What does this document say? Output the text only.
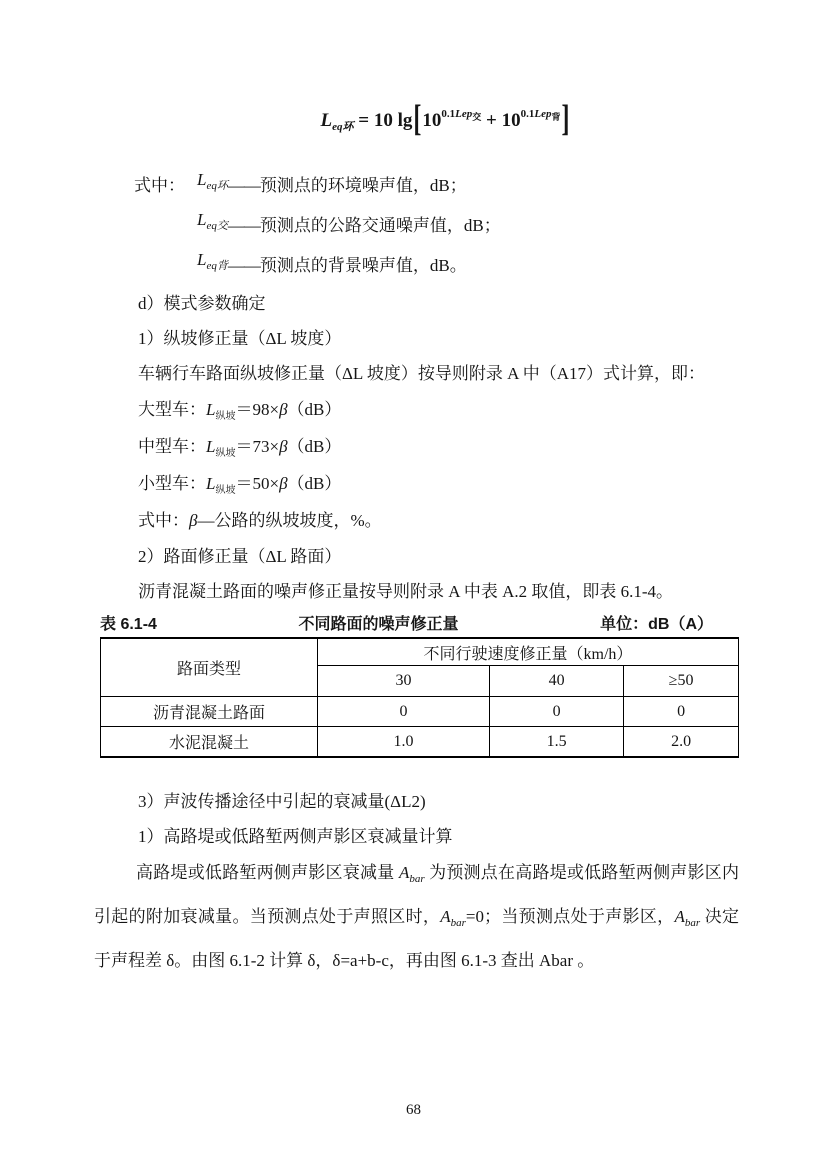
$L_{eq环} = 10$ $\lg[10^{0.1Lep_交} + 10^{0.1Lep_背}]$
式中： $L_{eq环}——$预测点的环境噪声值，dB；
$L_{eq交}——$预测点的公路交通噪声值，dB；
$L_{eq背}——$预测点的背景噪声值，dB。
d）模式参数确定
1）纵坡修正量（ΔL 坡度）
车辆行车路面纵坡修正量（ΔL 坡度）按导则附录 A 中（A17）式计算，即：
大型车：$L_{纵坡}=98\times\beta(dB)$
中型车：$L_{纵坡}=73\times\beta(dB)$
小型车：$L_{纵坡}=50\times\beta(dB)$
式中：β—公路的纵坡坡度，%。
2）路面修正量（ΔL 路面）
沥青混凝土路面的噪声修正量按导则附录 A 中表 A.2 取值，即表 6.1-4。
表 6.1-4	不同路面的噪声修正量	单位：dB（A）
路面类型	不同行驶速度修正量（km/h）		
	30	40	≥50
沥青混凝土路面	0	0	0
水泥混凝土	1.0	1.5	2.0
3）声波传播途径中引起的衰减量(ΔL2)
1）高路堤或低路堑两侧声影区衰减量计算

高路堤或低路堑两侧声影区衰减量 $A_{bar}$ 为预测点在高路堤或低路堑两侧声影区内引起的附加衰减量。当预测点处于声照区时，$A_{bar}=0$；当预测点处于声影区，$A_{bar}$ 决定于声程差 δ。由图 6.1-2 计算 δ，δ=a+b-c，再由图 6.1-3 查出 Abar 。

68
